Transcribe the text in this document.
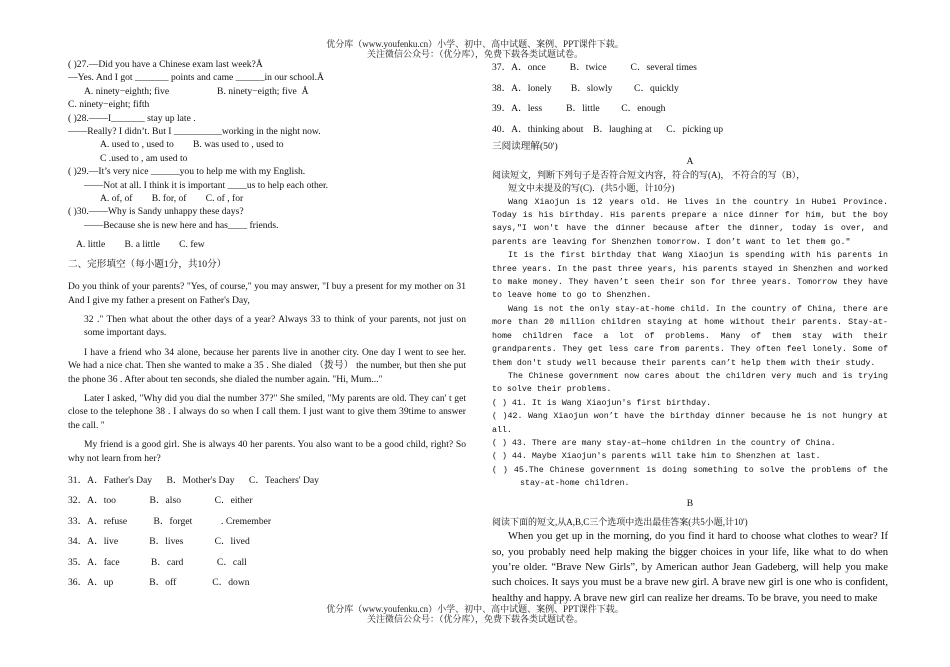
优分库（www.youfenku.cn）小学、初中、高中试题、案例、PPT课件下载。
关注微信公众号：（优分库），免费下载各类试题试卷。
( )27.—Did you have a Chinese exam last week?Å
—Yes. And I got _______ points and came ______in our school.Å
A. ninety−eighth; five                    B. ninety−eigth; five  Å
C. ninety−eight; fifth
( )28.——I_______ stay up late .
——Really? I didn’t. But I __________working in the night now.
A. used to , used to        B. was used to , used to
C .used to , am used to
( )29.—It’s very nice ______you to help me with my English.
——Not at all. I think it is important ____us to help each other.
A. of, of        B. for, of        C. of , for
( )30.——Why is Sandy unhappy these days?
——Because she is new here and has____ friends.
A. little        B. a little        C. few
二、完形填空（每小题1分，共10分）
Do you think of your parents? "Yes, of course," you may answer, "I buy a present for my mother on 31 And I give my father a present on Father's Day,
32 ." Then what about the other days of a year? Always 33 to think of your parents, not just on some important days.
I have a friend who 34 alone, because her parents live in another city. One day I went to see her. We had a nice chat. Then she wanted to make a 35 . She dialed （拨号） the number, but then she put the phone 36 . After about ten seconds, she dialed the number again. "Hi, Mum..."
Later I asked, "Why did you dial the number 37?" She smiled, "My parents are old. They can' t get close to the telephone 38 . I always do so when I call them. I just want to give them 39time to answer the call. "
My friend is a good girl. She is always 40 her parents. You also want to be a good child, right? So why not learn from her?
31．A．Father's Day      B．Mother's Day      C．Teachers' Day
32．A．too              B．also              C．either
33．A．refuse           B．forget            . Cremember
34．A．live             B．lives             C．lived
35．A．face             B．card              C．call
36．A．up               B．off               C．down
37．A．once          B．twice          C．several times
38．A．lonely        B．slowly         C．quickly
39．A．less          B．little         C．enough
40．A．thinking about    B．laughing at      C．picking up
三阅读理解(50')
A
阅读短文，判断下列句子是否符合短文内容，符合的写(A)， 不符合的写（B），
短文中未提及的写(C)．(共5小题，计10分)
Wang Xiaojun is 12 years old. He lives in the country in Hubei Province. Today is his birthday. His parents prepare a nice dinner for him, but the boy says,"I won't have the dinner because after the dinner, today is over, and parents are leaving for Shenzhen tomorrow. I don’t want to let them go."
It is the first birthday that Wang Xiaojun is spending with his parents in three years. In the past three years, his parents stayed in Shenzhen and worked to make money. They haven’t seen their son for three years. Tomorrow they have to leave home to go to Shenzhen.
Wang is not the only stay-at-home child. In the country of China, there are more than 20 million children staying at home without their parents. Stay-at-home children face a lot of problems. Many of them stay with their grandparents. They get less care from parents. They often feel lonely. Some of them don't study well because their parents can’t help them with their study.
The Chinese government now cares about the children very much and is trying to solve their problems.
( ) 41. It is Wang Xiaojun's first birthday.
( )42. Wang Xiaojun won’t have the birthday dinner because he is not hungry at all.
( ) 43. There are many stay-at—home children in the country of China.
( ) 44. Maybe Xiaojun's parents will take him to Shenzhen at last.
( ) 45.The Chinese government is doing something to solve the problems of the stay-at-home children.
B
阅读下面的短文,从A,B,C三个选项中选出最佳答案(共5小题,计10')
When you get up in the morning, do you find it hard to choose what clothes to wear? If so, you probably need help making the bigger choices in your life, like what to do when you’re older. “Brave New Girls”, by American author Jean Gadeberg, will help you make such choices. It says you must be a brave new girl. A brave new girl is one who is confident, healthy and happy. A brave new girl can realize her dreams. To be brave, you need to make
优分库（www.youfenku.cn）小学、初中、高中试题、案例、PPT课件下载。
关注微信公众号：（优分库），免费下载各类试题试卷。
